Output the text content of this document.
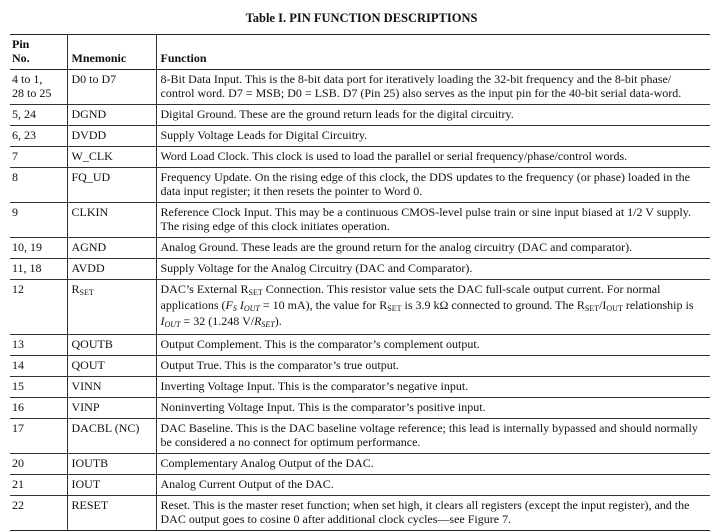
Table I. PIN FUNCTION DESCRIPTIONS
Pin
No.	Mnemonic	Function
4 to 1,
28 to 25	D0 to D7	8-Bit Data Input. This is the 8-bit data port for iteratively loading the 32-bit frequency and the 8-bit phase/ control word. D7 = MSB; D0 = LSB. D7 (Pin 25) also serves as the input pin for the 40-bit serial data-word.
5, 24	DGND	Digital Ground. These are the ground return leads for the digital circuitry.
6, 23	DVDD	Supply Voltage Leads for Digital Circuitry.
7	W_CLK	Word Load Clock. This clock is used to load the parallel or serial frequency/phase/control words.
8	FQ_UD	Frequency Update. On the rising edge of this clock, the DDS updates to the frequency (or phase) loaded in the data input register; it then resets the pointer to Word 0.
9	CLKIN	Reference Clock Input. This may be a continuous CMOS-level pulse train or sine input biased at 1/2 V supply. The rising edge of this clock initiates operation.
10, 19	AGND	Analog Ground. These leads are the ground return for the analog circuitry (DAC and comparator).
11, 18	AVDD	Supply Voltage for the Analog Circuitry (DAC and Comparator).
12	RSET	DAC’s External RSET Connection. This resistor value sets the DAC full-scale output current. For normal applications (FS IOUT = 10 mA), the value for RSET is 3.9 kΩ connected to ground. The RSET/IOUT relationship is IOUT = 32 (1.248 V/RSET).
13	QOUTB	Output Complement. This is the comparator’s complement output.
14	QOUT	Output True. This is the comparator’s true output.
15	VINN	Inverting Voltage Input. This is the comparator’s negative input.
16	VINP	Noninverting Voltage Input. This is the comparator’s positive input.
17	DACBL (NC)	DAC Baseline. This is the DAC baseline voltage reference; this lead is internally bypassed and should normally be considered a no connect for optimum performance.
20	IOUTB	Complementary Analog Output of the DAC.
21	IOUT	Analog Current Output of the DAC.
22	RESET	Reset. This is the master reset function; when set high, it clears all registers (except the input register), and the DAC output goes to cosine 0 after additional clock cycles—see Figure 7.
